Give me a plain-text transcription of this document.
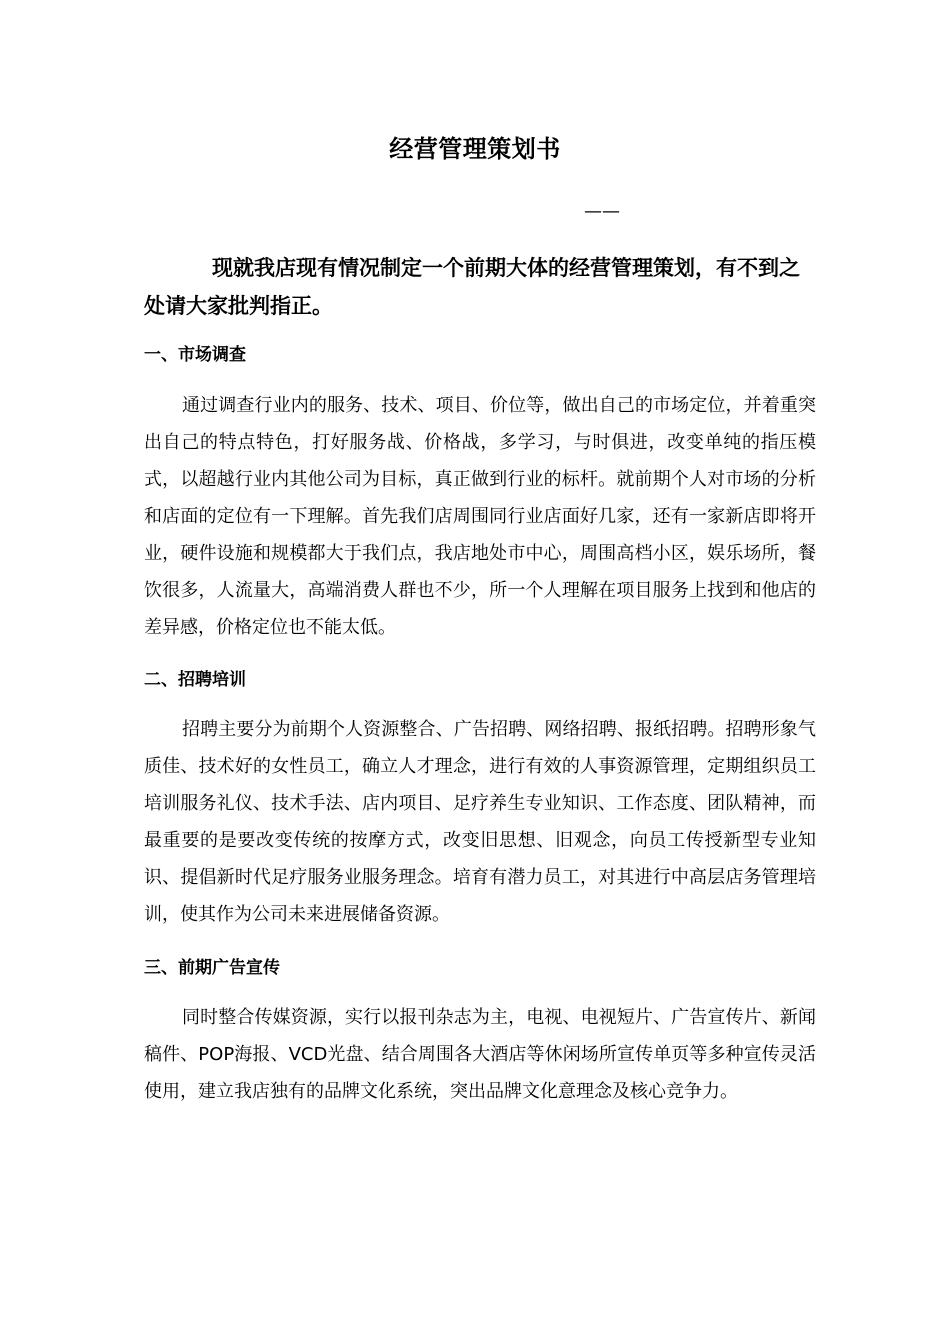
经营管理策划书
——

现就我店现有情况制定一个前期大体的经营管理策划，有不到之处请大家批判指正。

一、市场调查

通过调查行业内的服务、技术、项目、价位等，做出自己的市场定位，并着重突出自己的特点特色，打好服务战、价格战，多学习，与时俱进，改变单纯的指压模式，以超越行业内其他公司为目标，真正做到行业的标杆。就前期个人对市场的分析和店面的定位有一下理解。首先我们店周围同行业店面好几家，还有一家新店即将开业，硬件设施和规模都大于我们点，我店地处市中心，周围高档小区，娱乐场所，餐饮很多，人流量大，高端消费人群也不少，所一个人理解在项目服务上找到和他店的差异感，价格定位也不能太低。

二、招聘培训

招聘主要分为前期个人资源整合、广告招聘、网络招聘、报纸招聘。招聘形象气质佳、技术好的女性员工，确立人才理念，进行有效的人事资源管理，定期组织员工培训服务礼仪、技术手法、店内项目、足疗养生专业知识、工作态度、团队精神，而最重要的是要改变传统的按摩方式，改变旧思想、旧观念，向员工传授新型专业知识、提倡新时代足疗服务业服务理念。培育有潜力员工，对其进行中高层店务管理培训，使其作为公司未来进展储备资源。

三、前期广告宣传

同时整合传媒资源，实行以报刊杂志为主，电视、电视短片、广告宣传片、新闻稿件、POP海报、VCD光盘、结合周围各大酒店等休闲场所宣传单页等多种宣传灵活使用，建立我店独有的品牌文化系统，突出品牌文化意理念及核心竞争力。
